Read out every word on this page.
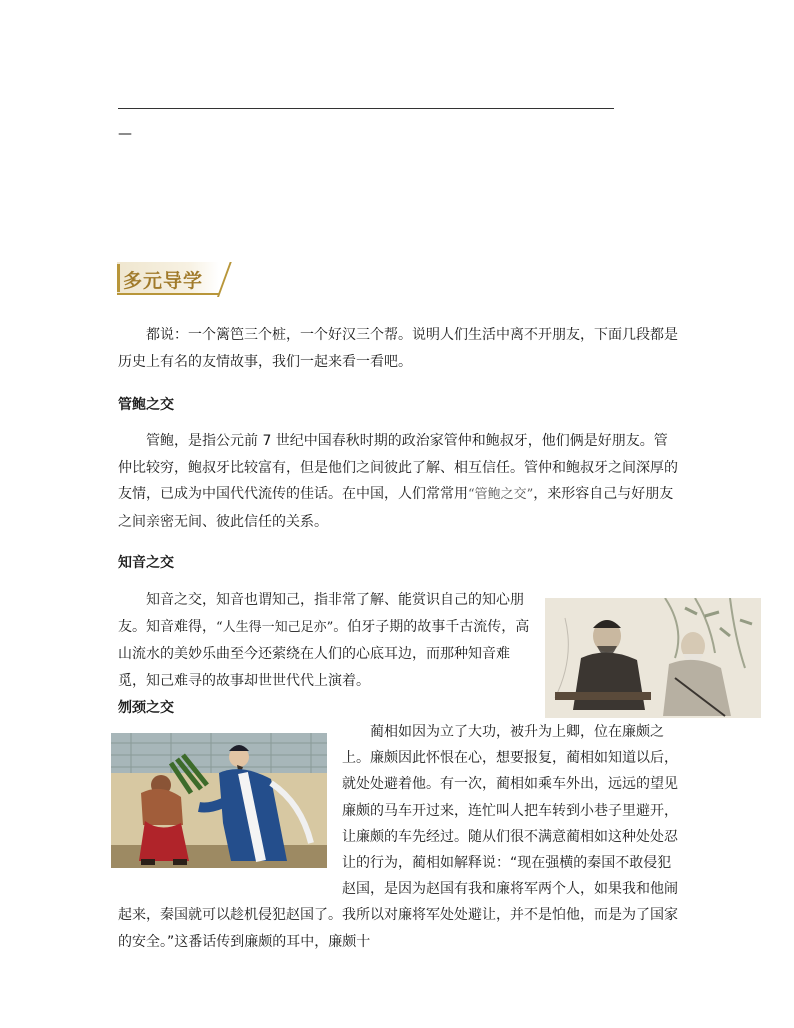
—
多元导学

都说：一个篱笆三个桩，一个好汉三个帮。说明人们生活中离不开朋友，下面几段都是历史上有名的友情故事，我们一起来看一看吧。

管鲍之交

管鲍，是指公元前 7 世纪中国春秋时期的政治家管仲和鲍叔牙，他们俩是好朋友。管仲比较穷，鲍叔牙比较富有，但是他们之间彼此了解、相互信任。管仲和鲍叔牙之间深厚的友情，已成为中国代代流传的佳话。在中国，人们常常用“管鲍之交”，来形容自己与好朋友之间亲密无间、彼此信任的关系。

知音之交

知音之交，知音也谓知己，指非常了解、能赏识自己的知心朋友。知音难得，“人生得一知己足亦”。伯牙子期的故事千古流传，高山流水的美妙乐曲至今还萦绕在人们的心底耳边，而那种知音难觅，知己难寻的故事却世世代代上演着。

刎颈之交

蔺相如因为立了大功，被升为上卿，位在廉颇之上。廉颇因此怀恨在心，想要报复，蔺相如知道以后，就处处避着他。有一次，蔺相如乘车外出，远远的望见廉颇的马车开过来，连忙叫人把车转到小巷子里避开，让廉颇的车先经过。随从们很不满意蔺相如这种处处忍让的行为，蔺相如解释说：“现在强横的秦国不敢侵犯赵国，是因为赵国有我和廉将军两个人，如果我和他闹起来，秦国就可以趁机侵犯赵国了。我所以对廉将军处处避让，并不是怕他，而是为了国家的安全。”这番话传到廉颇的耳中，廉颇十
